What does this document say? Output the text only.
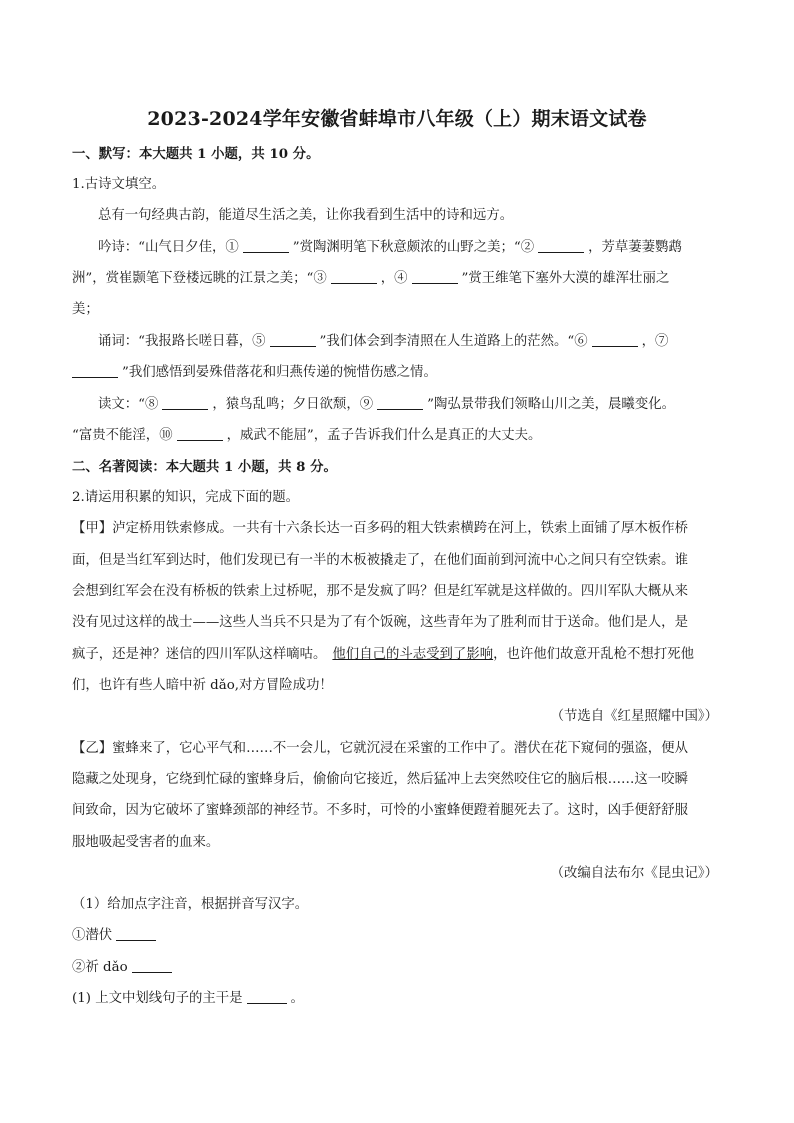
2023-2024学年安徽省蚌埠市八年级（上）期末语文试卷
一、默写：本大题共 1 小题，共 10 分。
1.古诗文填空。
总有一句经典古韵，能道尽生活之美，让你我看到生活中的诗和远方。
吟诗：“山气日夕佳，①	”赏陶渊明笔下秋意颇浓的山野之美；“②	，芳草萋萋鹦鹉
洲”，赏崔颢笔下登楼远眺的江景之美；“③	，④	”赏王维笔下塞外大漠的雄浑壮丽之
美；
诵词：“我报路长嗟日暮，⑤	”我们体会到李清照在人生道路上的茫然。“⑥	，⑦
”我们感悟到晏殊借落花和归燕传递的惋惜伤感之情。
读文：“⑧	，猿鸟乱鸣；夕日欲颓，⑨	”陶弘景带我们领略山川之美，晨曦变化。
“富贵不能淫，⑩	，威武不能屈”，孟子告诉我们什么是真正的大丈夫。
二、名著阅读：本大题共 1 小题，共 8 分。
2.请运用积累的知识，完成下面的题。
【甲】泸定桥用铁索修成。一共有十六条长达一百多码的粗大铁索横跨在河上，铁索上面铺了厚木板作桥
面，但是当红军到达时，他们发现已有一半的木板被撬走了，在他们面前到河流中心之间只有空铁索。谁
会想到红军会在没有桥板的铁索上过桥呢，那不是发疯了吗？但是红军就是这样做的。四川军队大概从来
没有见过这样的战士——这些人当兵不只是为了有个饭碗，这些青年为了胜利而甘于送命。他们是人，是
疯子，还是神？迷信的四川军队这样嘀咕。 他们自己的斗志受到了影响，也许他们故意开乱枪不想打死他
们，也许有些人暗中祈 dǎo,对方冒险成功！
（节选自《红星照耀中国》）
【乙】蜜蜂来了，它心平气和……不一会儿，它就沉浸在采蜜的工作中了。潜伏在花下窥伺的强盗，便从
隐藏之处现身，它绕到忙碌的蜜蜂身后，偷偷向它接近，然后猛冲上去突然咬住它的脑后根……这一咬瞬
间致命，因为它破坏了蜜蜂颈部的神经节。不多时，可怜的小蜜蜂便蹬着腿死去了。这时，凶手便舒舒服
服地吸起受害者的血来。
（改编自法布尔《昆虫记》）
（1）给加点字注音，根据拼音写汉字。
①潜伏
②祈 dǎo
(1) 上文中划线句子的主干是	。
